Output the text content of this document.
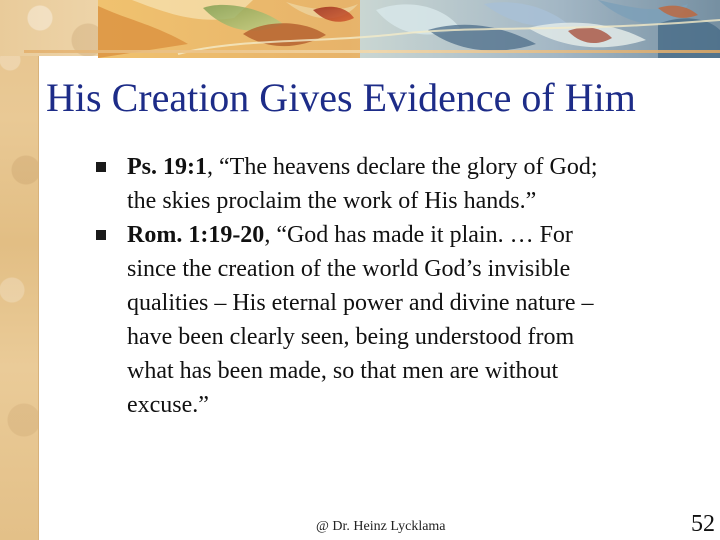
His Creation Gives Evidence of Him
Ps. 19:1, “The heavens declare the glory of God; the skies proclaim the work of His hands.”
Rom. 1:19-20, “God has made it plain. … For since the creation of the world God’s invisible qualities – His eternal power and divine nature – have been clearly seen, being understood from what has been made, so that men are without excuse.”
@ Dr. Heinz Lycklama	52
